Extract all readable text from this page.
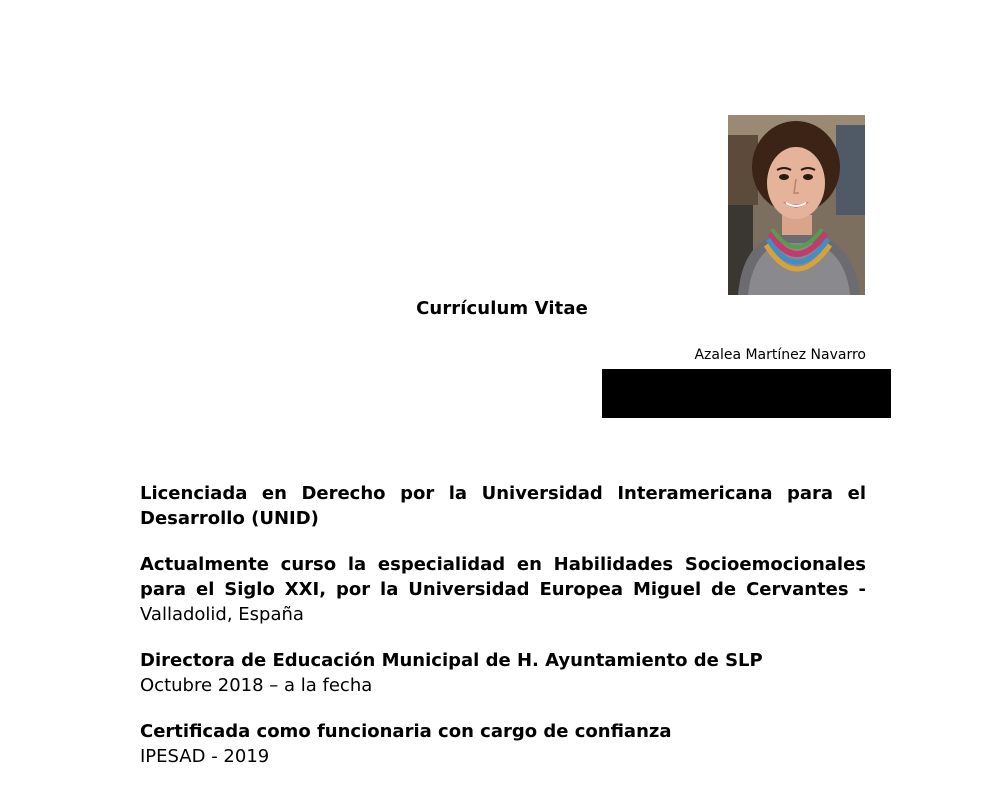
Currículum Vitae
Azalea Martínez Navarro
Licenciada en Derecho por la Universidad Interamericana para el Desarrollo (UNID)
Actualmente curso la especialidad en Habilidades Socioemocionales para el Siglo XXI, por la Universidad Europea Miguel de Cervantes -
Valladolid, España
Directora de Educación Municipal de H. Ayuntamiento de SLP
Octubre 2018 – a la fecha
Certificada como funcionaria con cargo de confianza
IPESAD - 2019
